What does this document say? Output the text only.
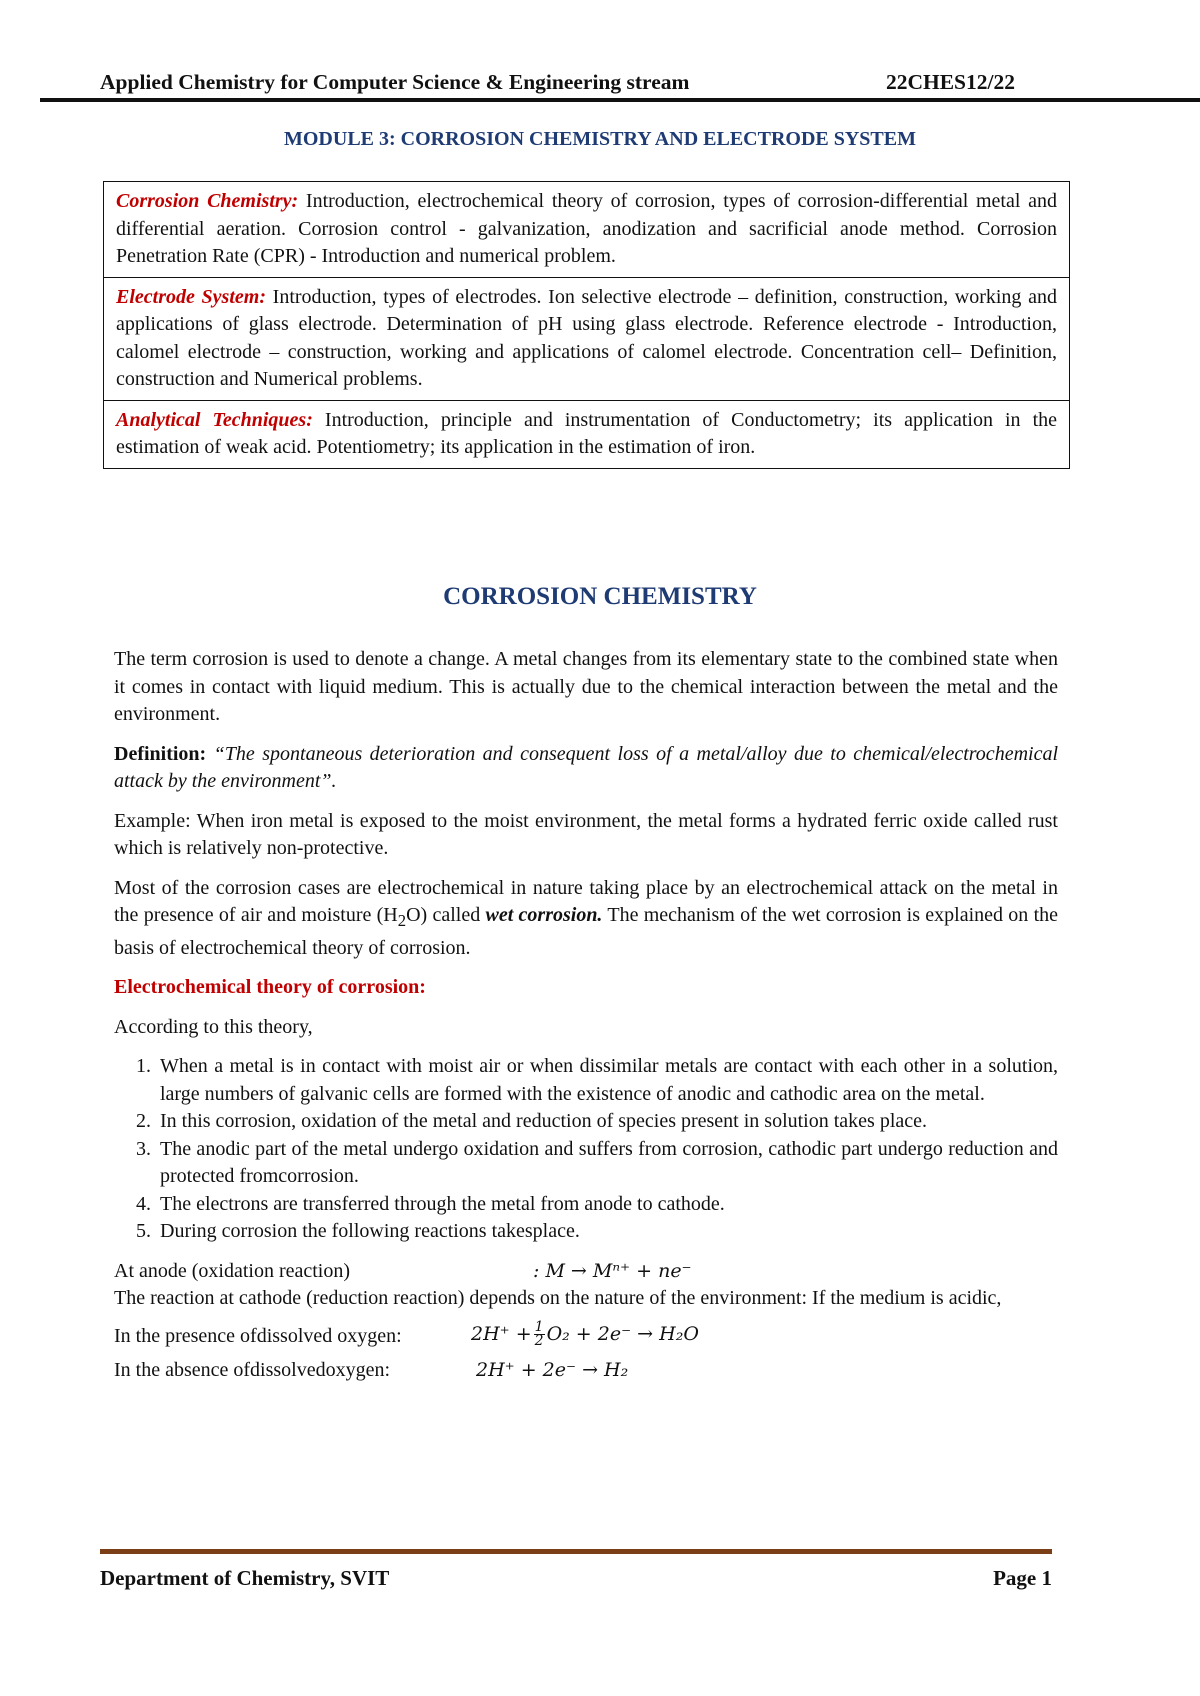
Applied Chemistry for Computer Science & Engineering stream	22CHES12/22
MODULE 3: CORROSION CHEMISTRY AND ELECTRODE SYSTEM
Corrosion Chemistry: Introduction, electrochemical theory of corrosion, types of corrosion-differential metal and differential aeration. Corrosion control - galvanization, anodization and sacrificial anode method. Corrosion Penetration Rate (CPR) - Introduction and numerical problem.
Electrode System: Introduction, types of electrodes. Ion selective electrode – definition, construction, working and applications of glass electrode. Determination of pH using glass electrode. Reference electrode - Introduction, calomel electrode – construction, working and applications of calomel electrode. Concentration cell– Definition, construction and Numerical problems.
Analytical Techniques: Introduction, principle and instrumentation of Conductometry; its application in the estimation of weak acid. Potentiometry; its application in the estimation of iron.
CORROSION CHEMISTRY

The term corrosion is used to denote a change. A metal changes from its elementary state to the combined state when it comes in contact with liquid medium. This is actually due to the chemical interaction between the metal and the environment.

Definition: “The spontaneous deterioration and consequent loss of a metal/alloy due to chemical/electrochemical attack by the environment”.

Example: When iron metal is exposed to the moist environment, the metal forms a hydrated ferric oxide called rust which is relatively non-protective.

Most of the corrosion cases are electrochemical in nature taking place by an electrochemical attack on the metal in the presence of air and moisture $(H_2O)$ called wet corrosion. The mechanism of the wet corrosion is explained on the basis of electrochemical theory of corrosion.

Electrochemical theory of corrosion:

According to this theory,

1. When a metal is in contact with moist air or when dissimilar metals are contact with each other in a solution, large numbers of galvanic cells are formed with the existence of anodic and cathodic area on the metal.
2. In this corrosion, oxidation of the metal and reduction of species present in solution takes place.
3. The anodic part of the metal undergo oxidation and suffers from corrosion, cathodic part undergo reduction and protected fromcorrosion.
4. The electrons are transferred through the metal from anode to cathode.
5. During corrosion the following reactions takesplace.
At anode (oxidation reaction)	: M → Mⁿ⁺ + ne⁻

The reaction at cathode (reduction reaction) depends on the nature of the environment: If the medium is acidic,

In the presence ofdissolved oxygen:	$2H^+ + \frac{1}{2} O_2 + 2e^- \to H_2O$
In the absence ofdissolvedoxygen:	2H⁺ + 2e⁻ → H₂
Department of Chemistry, SVIT	Page 1
